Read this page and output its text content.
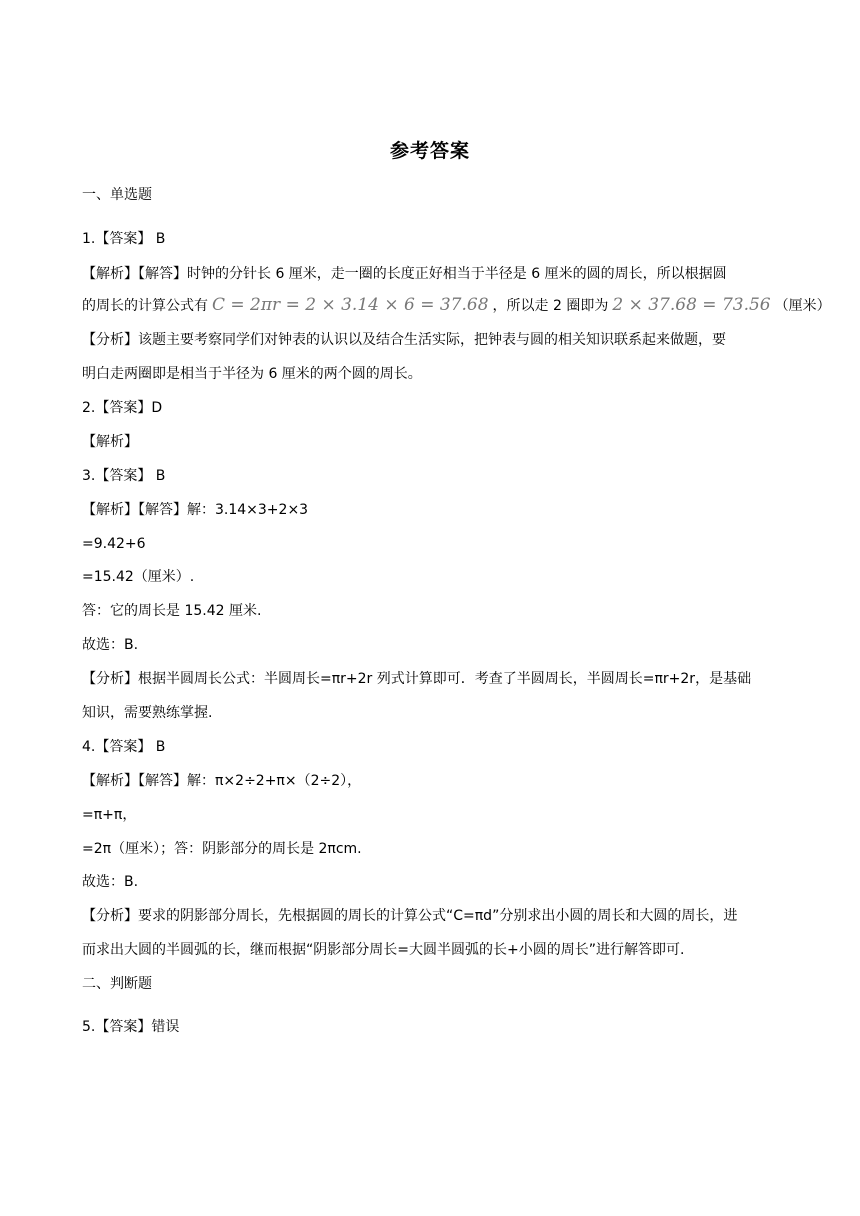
参考答案
一、单选题
1.【答案】 B
【解析】【解答】时钟的分针长 6 厘米，走一圈的长度正好相当于半径是 6 厘米的圆的周长，所以根据圆
的周长的计算公式有 C = 2πr = 2 × 3.14 × 6 = 37.68 ，所以走 2 圈即为 2 × 37.68 = 73.56 （厘米）
【分析】该题主要考察同学们对钟表的认识以及结合生活实际，把钟表与圆的相关知识联系起来做题，要
明白走两圈即是相当于半径为 6 厘米的两个圆的周长。
2.【答案】D
【解析】
3.【答案】 B
【解析】【解答】解：3.14×3+2×3
=9.42+6
=15.42（厘米）.
答：它的周长是 15.42 厘米.
故选：B.
【分析】根据半圆周长公式：半圆周长=πr+2r 列式计算即可．考查了半圆周长，半圆周长=πr+2r，是基础
知识，需要熟练掌握.
4.【答案】 B
【解析】【解答】解：π×2÷2+π×（2÷2），
=π+π，
=2π（厘米）；答：阴影部分的周长是 2πcm.
故选：B.
【分析】要求的阴影部分周长，先根据圆的周长的计算公式“C=πd”分别求出小圆的周长和大圆的周长，进
而求出大圆的半圆弧的长，继而根据“阴影部分周长=大圆半圆弧的长+小圆的周长”进行解答即可.
二、判断题
5.【答案】错误
